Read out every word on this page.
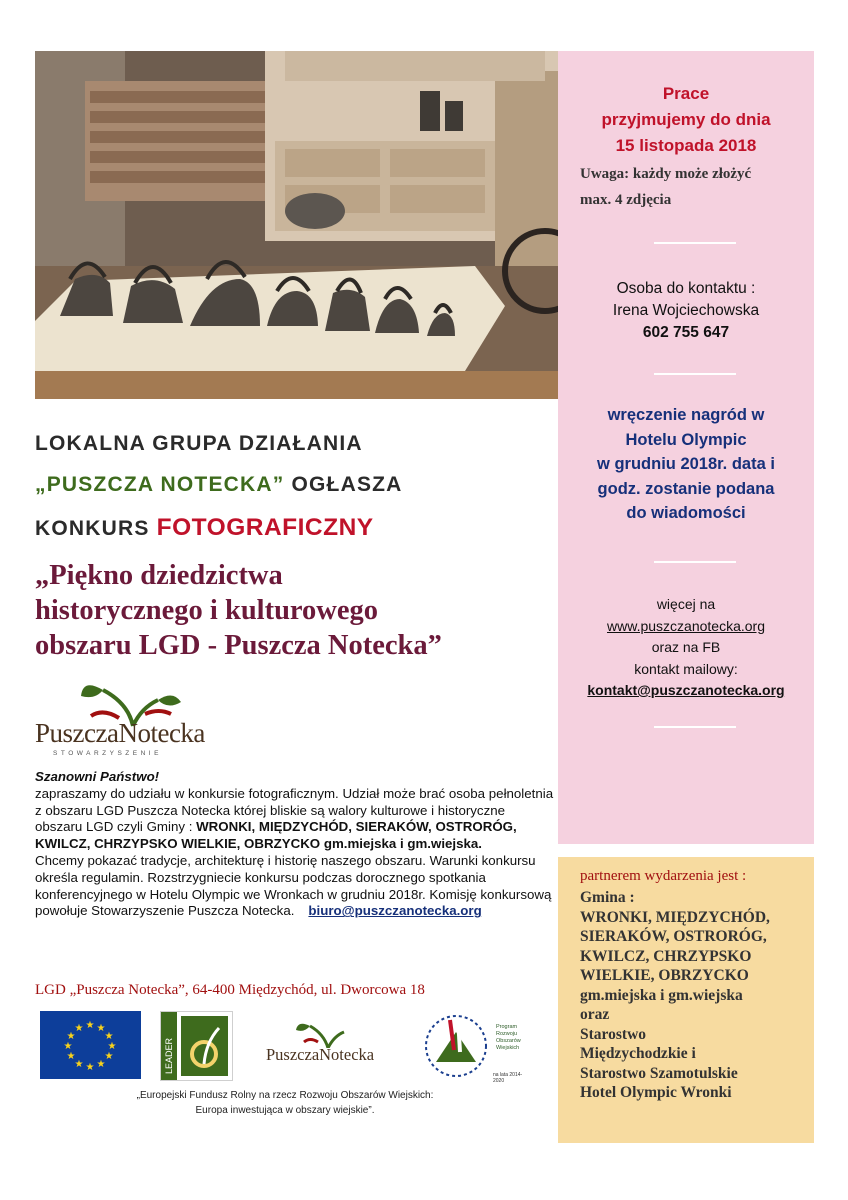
Prace
przyjmujemy do dnia
15 listopada 2018
Uwaga: każdy może złożyć
max. 4 zdjęcia
Osoba do kontaktu :
Irena Wojciechowska
602 755 647
wręczenie nagród w
Hotelu Olympic
w grudniu 2018r. data i
godz. zostanie podana
do wiadomości
więcej na
www.puszczanotecka.org
oraz na FB
kontakt mailowy:
kontakt@puszczanotecka.org
partnerem wydarzenia jest :
Gmina :
WRONKI, MIĘDZYCHÓD,
SIERAKÓW, OSTRORÓG,
KWILCZ, CHRZYPSKO
WIELKIE, OBRZYCKO
gm.miejska i gm.wiejska
oraz
Starostwo
Międzychodzkie i
Starostwo Szamotulskie
Hotel Olympic Wronki
LOKALNA GRUPA DZIAŁANIA
„PUSZCZA NOTECKA” OGŁASZA
KONKURS FOTOGRAFICZNY
„Piękno dziedzictwa
historycznego i kulturowego
obszaru LGD - Puszcza Notecka”
PuszczaNotecka
STOWARZYSZENIE
Szanowni Państwo!
zapraszamy do udziału w konkursie fotograficznym. Udział może brać osoba pełnoletnia z obszaru LGD Puszcza Notecka której bliskie są walory kulturowe i historyczne obszaru LGD czyli Gminy : WRONKI, MIĘDZYCHÓD, SIERAKÓW, OSTRORÓG, KWILCZ, CHRZYPSKO WIELKIE, OBRZYCKO gm.miejska i gm.wiejska.
Chcemy pokazać tradycje, architekturę i historię naszego obszaru. Warunki konkursu określa regulamin. Rozstrzygniecie konkursu podczas dorocznego spotkania konferencyjnego w Hotelu Olympic we Wronkach w grudniu 2018r. Komisję konkursową powołuje Stowarzyszenie Puszcza Notecka. biuro@puszczanotecka.org
LGD „Puszcza Notecka”, 64-400 Międzychód, ul. Dworcowa 18
★ ★
★
★
★
★
★
★
★
★
★
★
LEADER	PuszczaNotecka
Program Rozwoju Obszarów Wiejskich
na lata 2014-2020
„Europejski Fundusz Rolny na rzecz Rozwoju Obszarów Wiejskich:
Europa inwestująca w obszary wiejskie”.
